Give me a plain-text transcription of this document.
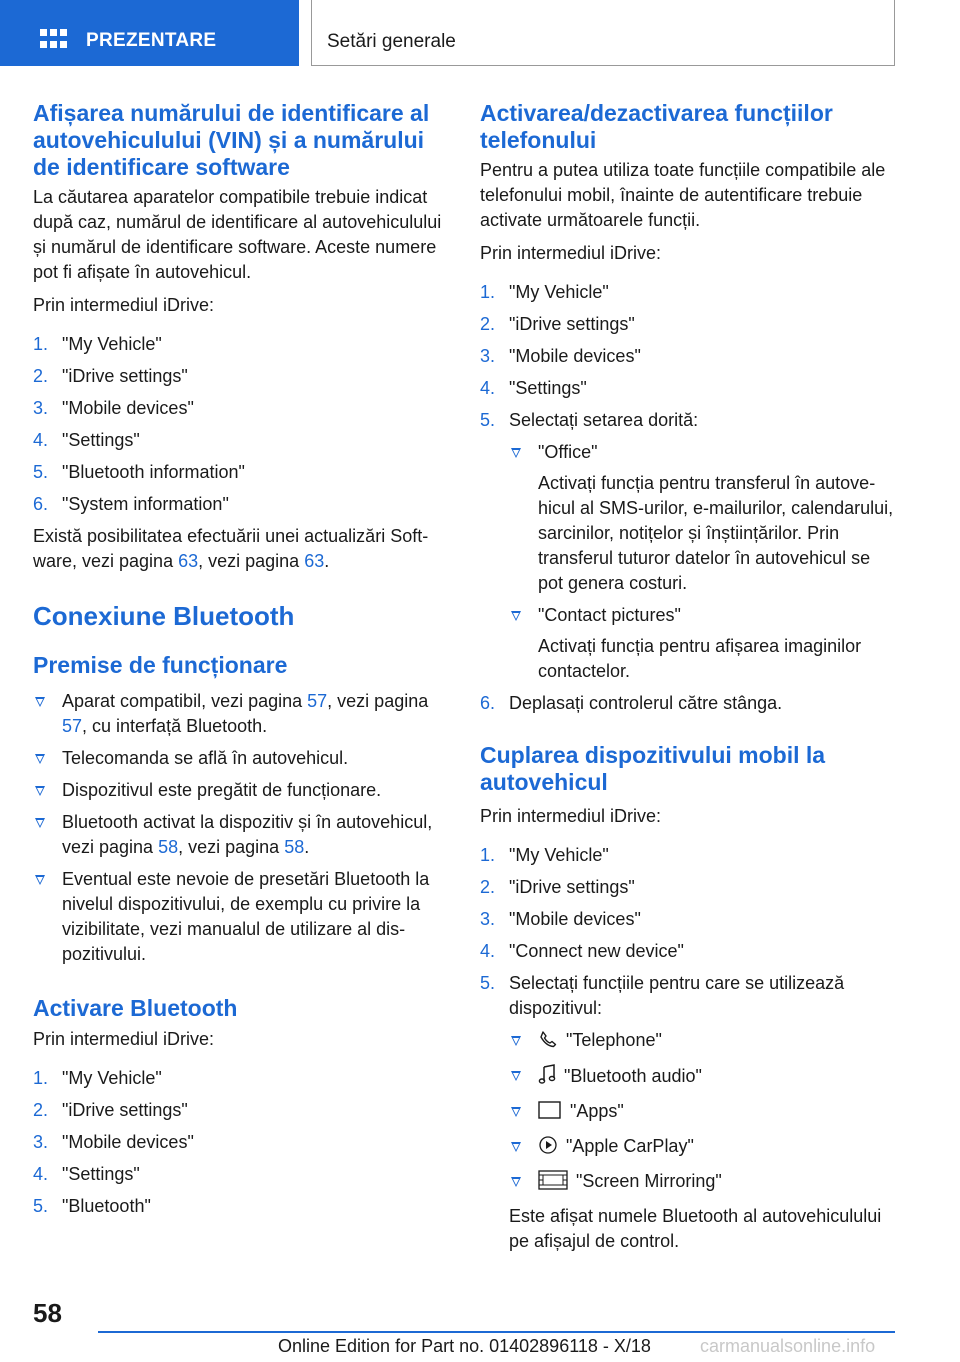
PREZENTARE	Setări generale
Afișarea numărului de identificare al autovehiculului (VIN) și a numărului de identificare software

La căutarea aparatelor compatibile trebuie indicat după caz, numărul de identificare al autovehiculului și numărul de identificare software. Aceste numere pot fi afișate în autovehicul.

Prin intermediul iDrive:

1. "My Vehicle"
2. "iDrive settings"
3. "Mobile devices"
4. "Settings"
5. "Bluetooth information"
6. "System information"

Există posibilitatea efectuării unei actualizări Software, vezi pagina 63, vezi pagina 63.

Conexiune Bluetooth
Premise de funcționare
Aparat compatibil, vezi pagina 57, vezi pagina 57, cu interfață Bluetooth.
Telecomanda se află în autovehicul.
Dispozitivul este pregătit de funcționare.
Bluetooth activat la dispozitiv și în autovehicul, vezi pagina 58, vezi pagina 58.
Eventual este nevoie de presetări Bluetooth la nivelul dispozitivului, de exemplu cu privire la vizibilitate, vezi manualul de utilizare al dispozitivului.
Activare Bluetooth

Prin intermediul iDrive:

1. "My Vehicle"
2. "iDrive settings"
3. "Mobile devices"
4. "Settings"
5. "Bluetooth"
Activarea/dezactivarea funcțiilor telefonului

Pentru a putea utiliza toate funcțiile compatibile ale telefonului mobil, înainte de autentificare trebuie activate următoarele funcții.

Prin intermediul iDrive:

1. "My Vehicle"
2. "iDrive settings"
3. "Mobile devices"
4. "Settings"
5. Selectați setarea dorită:
"Office"

Activați funcția pentru transferul în autovehicul al SMS-urilor, e-mailurilor, calendarului, sarcinilor, notițelor și înștiințărilor. Prin transferul tuturor datelor în autovehicul se pot genera costuri.

"Contact pictures"

Activați funcția pentru afișarea imaginilor contactelor.

6. Deplasați controlerul către stânga.
Cuplarea dispozitivului mobil la autovehicul

Prin intermediul iDrive:

1. "My Vehicle"
2. "iDrive settings"
3. "Mobile devices"
4. "Connect new device"
5. Selectați funcțiile pentru care se utilizează dispozitivul:
"Telephone"
"Bluetooth audio"
"Apps"
"Apple CarPlay"
"Screen Mirroring"

Este afișat numele Bluetooth al autovehiculului pe afișajul de control.

58
Online Edition for Part no. 01402896118 - X/18	carmanualsonline.info
